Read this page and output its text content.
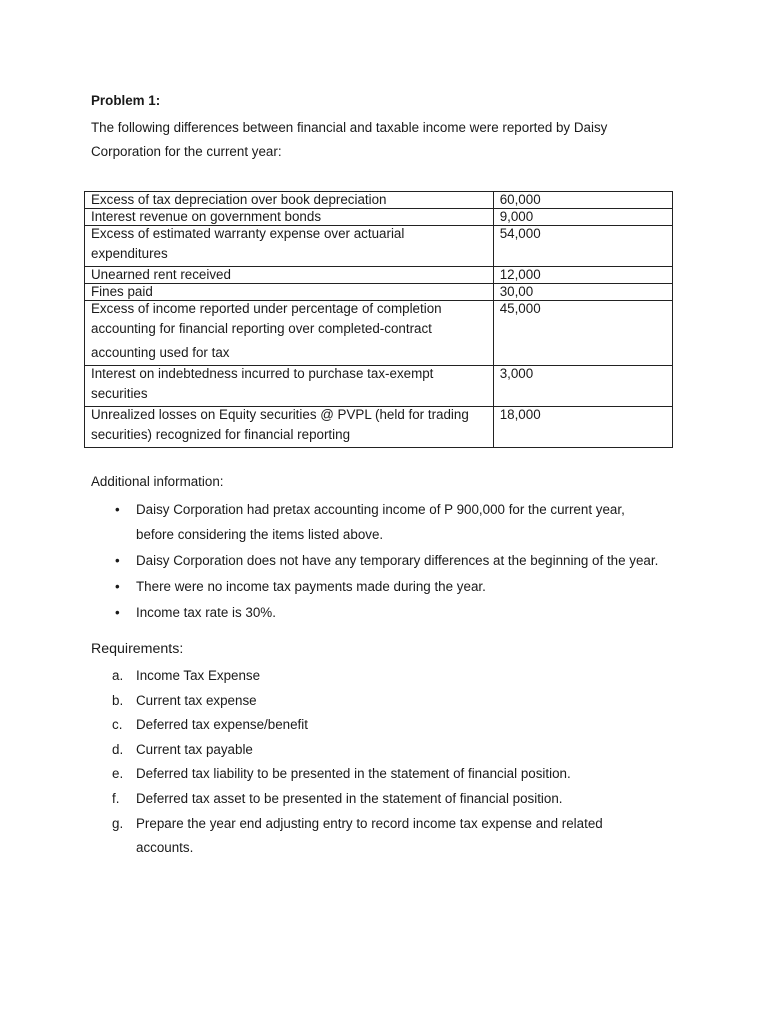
Problem 1:
The following differences between financial and taxable income were reported by Daisy
Corporation for the current year:
Excess of tax depreciation over book depreciation	60,000
Interest revenue on government bonds	9,000

Excess of estimated warranty expense over actuarial
expenditures	54,000
Unearned rent received	12,000
Fines paid	30,00

Excess of income reported under percentage of completion
accounting for financial reporting over completed-contract
accounting used for tax	45,000

Interest on indebtedness incurred to purchase tax-exempt
securities	3,000

Unrealized losses on Equity securities @ PVPL (held for trading
securities) recognized for financial reporting	18,000
Additional information:
• Daisy Corporation had pretax accounting income of P 900,000 for the current year,
before considering the items listed above.
• Daisy Corporation does not have any temporary differences at the beginning of the year.
• There were no income tax payments made during the year.
• Income tax rate is 30%.
Requirements:
a. Income Tax Expense
b. Current tax expense
c. Deferred tax expense/benefit
d. Current tax payable
e. Deferred tax liability to be presented in the statement of financial position.
f. Deferred tax asset to be presented in the statement of financial position.
g. Prepare the year end adjusting entry to record income tax expense and related
accounts.
